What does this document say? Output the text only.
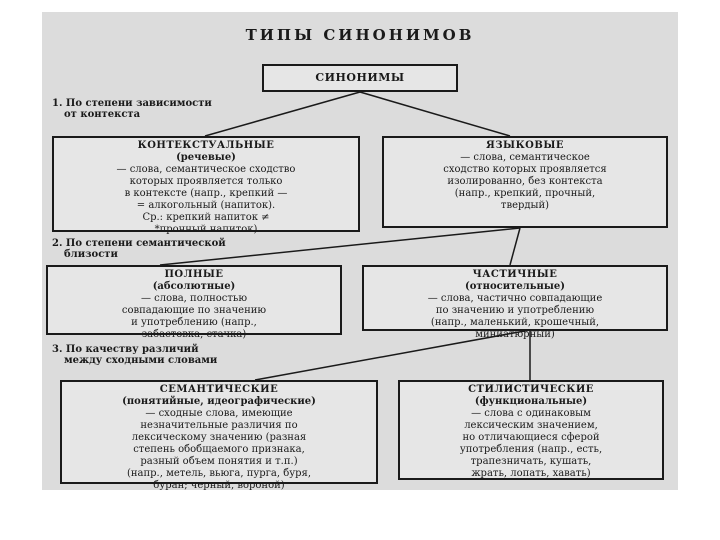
ТИПЫ СИНОНИМОВ
СИНОНИМЫ
1. По степени зависимости
от контекста
КОНТЕКСТУАЛЬНЫЕ
(речевые)
— слова, семантическое сходство
которых проявляется только
в контексте (напр., крепкий —
= алкогольный (напиток).
Ср.: крепкий напиток ≠
*прочный напиток)
ЯЗЫКОВЫЕ
— слова, семантическое
сходство которых проявляется
изолированно, без контекста
(напр., крепкий, прочный,
твердый)
2. По степени семантической
близости
ПОЛНЫЕ
(абсолютные)
— слова, полностью
совпадающие по значению
и употреблению (напр.,
забастовка, стачка)
ЧАСТИЧНЫЕ
(относительные)
— слова, частично совпадающие
по значению и употреблению
(напр., маленький, крошечный,
миниатюрный)
3. По качеству различий
между сходными словами
СЕМАНТИЧЕСКИЕ
(понятийные, идеографические)
— сходные слова, имеющие
незначительные различия по
лексическому значению (разная
степень обобщаемого признака,
разный объем понятия и т.п.)
(напр., метель, вьюга, пурга, буря,
буран; черный, вороной)
СТИЛИСТИЧЕСКИЕ
(функциональные)
— слова с одинаковым
лексическим значением,
но отличающиеся сферой
употребления (напр., есть,
трапезничать, кушать,
жрать, лопать, хавать)
